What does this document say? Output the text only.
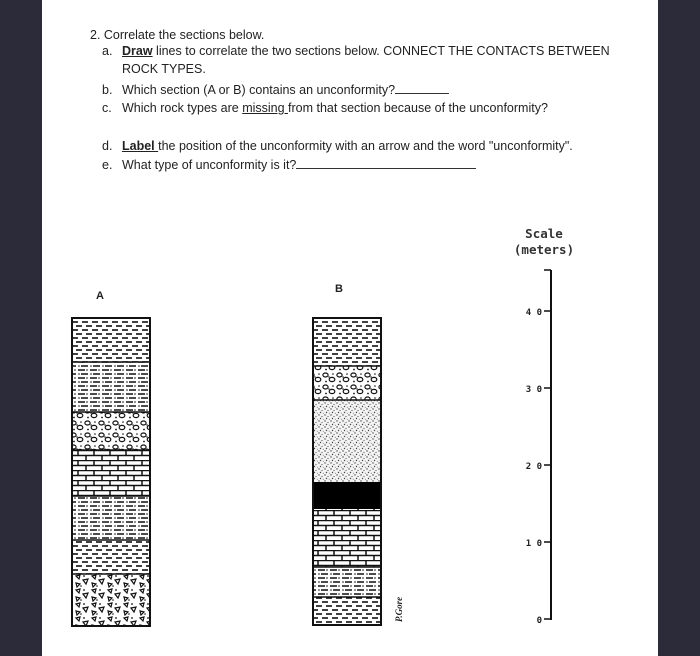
2. Correlate the sections below.
a. Draw lines to correlate the two sections below. CONNECT THE CONTACTS BETWEEN
ROCK TYPES.
b. Which section (A or B) contains an unconformity?
c. Which rock types are missing from that section because of the unconformity?
d. Label the position of the unconformity with an arrow and the word "unconformity".
e. What type of unconformity is it?
Scale
(meters)
A
B
P.Gore
4 0
3 0
2 0
1 0
0
